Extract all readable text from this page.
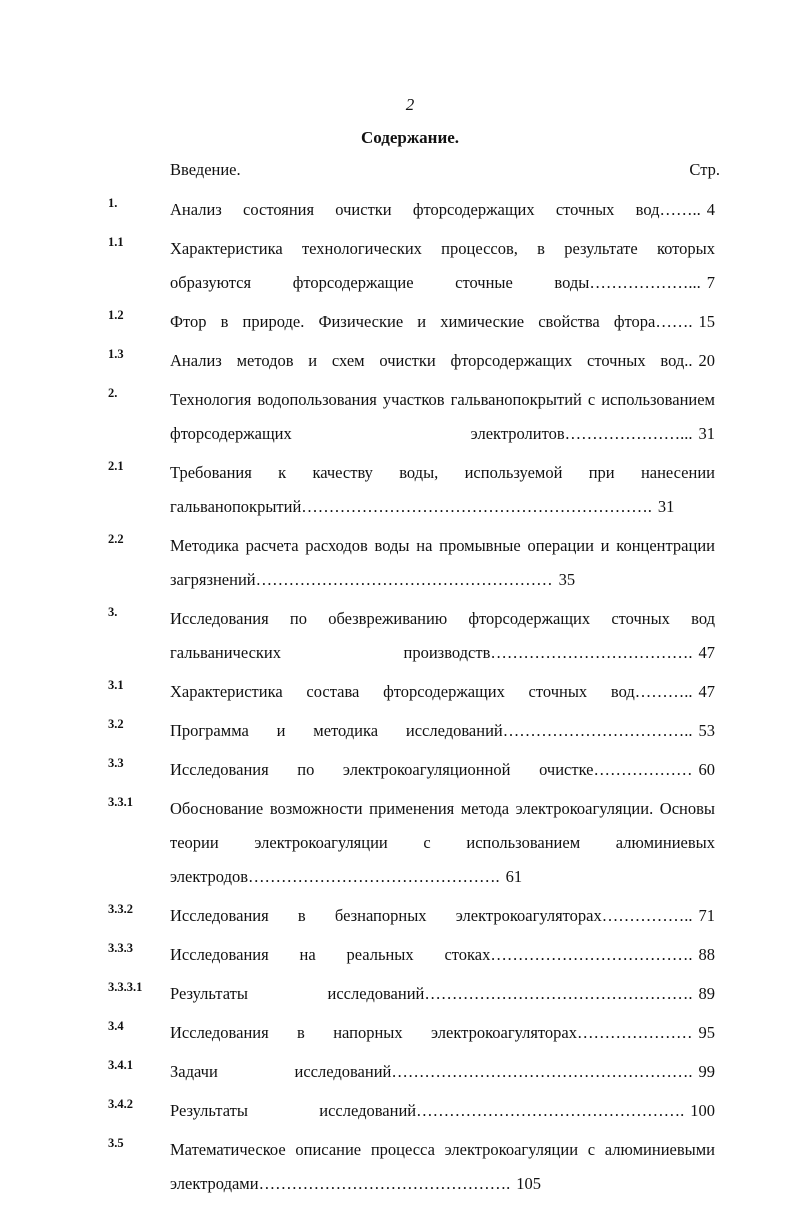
2
Содержание.
Введение.	Стр.
1.	Анализ состояния очистки фторсодержащих сточных вод…….. 4
1.1	Характеристика технологических процессов, в результате которых образуются фторсодержащие сточные воды………………... 7
1.2	Фтор в природе. Физические и химические свойства фтора……. 15
1.3	Анализ методов и схем очистки фторсодержащих сточных вод.. 20
2.	Технология водопользования участков гальванопокрытий с использованием фторсодержащих электролитов…………………... 31
2.1	Требования к качеству воды, используемой при нанесении гальванопокрытий………………………………………………………. 31
2.2	Методика расчета расходов воды на промывные операции и концентрации загрязнений……………………………………………… 35
3.	Исследования по обезвреживанию фторсодержащих сточных вод гальванических производств………………………………. 47
3.1	Характеристика состава фторсодержащих сточных вод……….. 47
3.2	Программа и методика исследований…………………………….. 53
3.3	Исследования по электрокоагуляционной очистке……………… 60
3.3.1 Обоснование возможности применения метода электрокоагуляции. Основы теории электрокоагуляции с использованием алюминиевых электродов………………………………………. 61
3.3.2 Исследования в безнапорных электрокоагуляторах…………….. 71
3.3.3 Исследования на реальных стоках………………………………. 88
3.3.3.1 Результаты исследований…………………………………………. 89
3.4	Исследования в напорных электрокоагуляторах………………… 95
3.4.1 Задачи исследований………………………………………………. 99
3.4.2 Результаты исследований…………………………………………. 100
3.5	Математическое описание процесса электрокоагуляции с алюминиевыми электродами………………………………………. 105
